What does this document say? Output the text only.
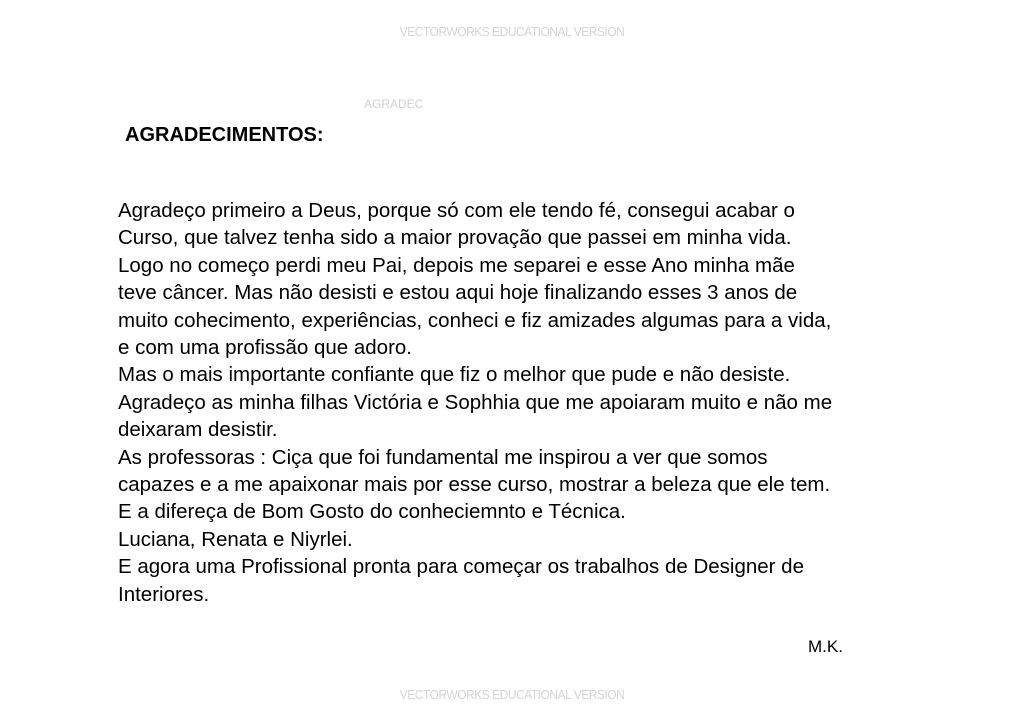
VECTORWORKS EDUCATIONAL VERSION
AGRADEC
AGRADECIMENTOS:
Agradeço primeiro a Deus, porque só com ele tendo fé, consegui acabar o
Curso, que talvez tenha sido a maior provação que passei em minha vida.
Logo no começo perdi meu Pai, depois me separei e esse Ano minha mãe
teve câncer. Mas não desisti e estou aqui hoje finalizando esses 3 anos de
muito cohecimento, experiências, conheci e fiz amizades algumas para a vida,
e com uma profissão que adoro.
Mas o mais importante confiante que fiz o melhor que pude e não desiste.
Agradeço as minha filhas Victória e Sophhia que me apoiaram muito e não me
deixaram desistir.
As professoras : Ciça que foi fundamental me inspirou a ver que somos
capazes e a me apaixonar mais por esse curso, mostrar a beleza que ele tem.
E a difereça de Bom Gosto do conheciemnto e Técnica.
Luciana, Renata e Niyrlei.
E agora uma Profissional pronta para começar os trabalhos de Designer de
Interiores.
M.K.
VECTORWORKS EDUCATIONAL VERSION
